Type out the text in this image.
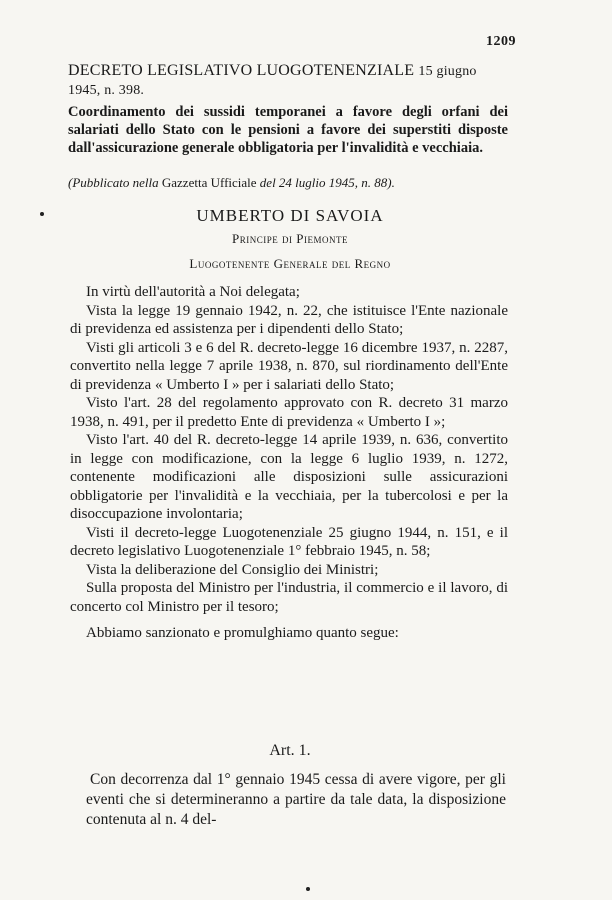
1209
DECRETO LEGISLATIVO LUOGOTENENZIALE 15 giugno 1945, n. 398.
Coordinamento dei sussidi temporanei a favore degli orfani dei salariati dello Stato con le pensioni a favore dei superstiti disposte dall'assicurazione generale obbligatoria per l'invalidità e vecchiaia.
(Pubblicato nella Gazzetta Ufficiale del 24 luglio 1945, n. 88).
UMBERTO DI SAVOIA
Principe di Piemonte
Luogotenente Generale del Regno

In virtù dell'autorità a Noi delegata;

Vista la legge 19 gennaio 1942, n. 22, che istituisce l'Ente nazionale di previdenza ed assistenza per i dipendenti dello Stato;

Visti gli articoli 3 e 6 del R. decreto-legge 16 dicembre 1937, n. 2287, convertito nella legge 7 aprile 1938, n. 870, sul riordinamento dell'Ente di previdenza « Umberto I » per i salariati dello Stato;

Visto l'art. 28 del regolamento approvato con R. decreto 31 marzo 1938, n. 491, per il predetto Ente di previdenza « Umberto I »;

Visto l'art. 40 del R. decreto-legge 14 aprile 1939, n. 636, convertito in legge con modificazione, con la legge 6 luglio 1939, n. 1272, contenente modificazioni alle disposizioni sulle assicurazioni obbligatorie per l'invalidità e la vecchiaia, per la tubercolosi e per la disoccupazione involontaria;

Visti il decreto-legge Luogotenenziale 25 giugno 1944, n. 151, e il decreto legislativo Luogotenenziale 1° febbraio 1945, n. 58;

Vista la deliberazione del Consiglio dei Ministri;

Sulla proposta del Ministro per l'industria, il commercio e il lavoro, di concerto col Ministro per il tesoro;

Abbiamo sanzionato e promulghiamo quanto segue:

Art. 1.

Con decorrenza dal 1° gennaio 1945 cessa di avere vigore, per gli eventi che si determineranno a partire da tale data, la disposizione contenuta al n. 4 del-
